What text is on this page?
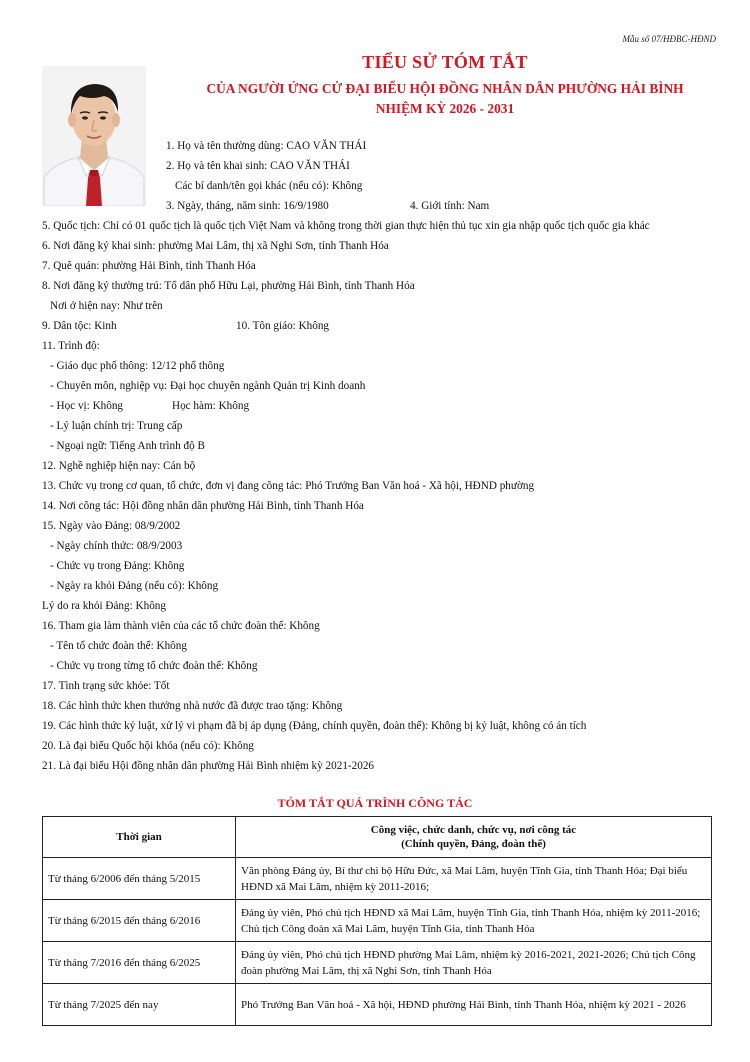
Mẫu số 07/HĐBC-HĐND
TIỂU SỬ TÓM TẮT
CỦA NGƯỜI ỨNG CỬ ĐẠI BIỂU HỘI ĐỒNG NHÂN DÂN PHƯỜNG HẢI BÌNH
NHIỆM KỲ 2026 - 2031
1. Họ và tên thường dùng: CAO VĂN THÁI
2. Họ và tên khai sinh: CAO VĂN THÁI
Các bí danh/tên gọi khác (nếu có): Không
3. Ngày, tháng, năm sinh: 16/9/1980	4. Giới tính: Nam
5. Quốc tịch: Chỉ có 01 quốc tịch là quốc tịch Việt Nam và không trong thời gian thực hiện thủ tục xin gia nhập quốc tịch quốc gia khác
6. Nơi đăng ký khai sinh: phường Mai Lâm, thị xã Nghi Sơn, tỉnh Thanh Hóa
7. Quê quán: phường Hải Bình, tỉnh Thanh Hóa
8. Nơi đăng ký thường trú: Tổ dân phố Hữu Lại, phường Hải Bình, tỉnh Thanh Hóa
Nơi ở hiện nay: Như trên
9. Dân tộc: Kinh	10. Tôn giáo: Không
11. Trình độ:
- Giáo dục phổ thông: 12/12 phổ thông
- Chuyên môn, nghiệp vụ: Đại học chuyên ngành Quản trị Kinh doanh
- Học vị: Không	Học hàm: Không
- Lý luận chính trị: Trung cấp
- Ngoại ngữ: Tiếng Anh trình độ B
12. Nghề nghiệp hiện nay: Cán bộ
13. Chức vụ trong cơ quan, tổ chức, đơn vị đang công tác: Phó Trưởng Ban Văn hoá - Xã hội, HĐND phường
14. Nơi công tác: Hội đồng nhân dân phường Hải Bình, tỉnh Thanh Hóa
15. Ngày vào Đảng: 08/9/2002
- Ngày chính thức: 08/9/2003
- Chức vụ trong Đảng: Không
- Ngày ra khỏi Đảng (nếu có): Không
Lý do ra khỏi Đảng: Không
16. Tham gia làm thành viên của các tổ chức đoàn thể: Không
- Tên tổ chức đoàn thể: Không
- Chức vụ trong từng tổ chức đoàn thể: Không
17. Tình trạng sức khỏe: Tốt
18. Các hình thức khen thưởng nhà nước đã được trao tặng: Không
19. Các hình thức kỷ luật, xử lý vi phạm đã bị áp dụng (Đảng, chính quyền, đoàn thể): Không bị kỷ luật, không có án tích
20. Là đại biểu Quốc hội khóa (nếu có): Không
21. Là đại biểu Hội đồng nhân dân phường Hải Bình nhiệm kỳ 2021-2026
TÓM TẮT QUÁ TRÌNH CÔNG TÁC
Thời gian	Công việc, chức danh, chức vụ, nơi công tác
(Chính quyền, Đảng, đoàn thể)

Từ tháng 6/2006 đến tháng 5/2015	Văn phòng Đảng ủy, Bí thư chi bộ Hữu Đức, xã Mai Lâm, huyện Tĩnh Gia, tỉnh Thanh Hóa; Đại biểu HĐND xã Mai Lâm, nhiệm kỳ 2011-2016;
Từ tháng 6/2015 đến tháng 6/2016	Đảng ủy viên, Phó chủ tịch HĐND xã Mai Lâm, huyện Tĩnh Gia, tỉnh Thanh Hóa, nhiệm kỳ 2011-2016; Chủ tịch Công đoàn xã Mai Lâm, huyện Tĩnh Gia, tỉnh Thanh Hóa
Từ tháng 7/2016 đến tháng 6/2025	Đảng ủy viên, Phó chủ tịch HĐND phường Mai Lâm, nhiệm kỳ 2016-2021, 2021-2026; Chủ tịch Công đoàn phường Mai Lâm, thị xã Nghi Sơn, tỉnh Thanh Hóa
Từ tháng 7/2025 đến nay	Phó Trưởng Ban Văn hoá - Xã hội, HĐND phường Hải Bình, tỉnh Thanh Hóa, nhiệm kỳ 2021 - 2026
